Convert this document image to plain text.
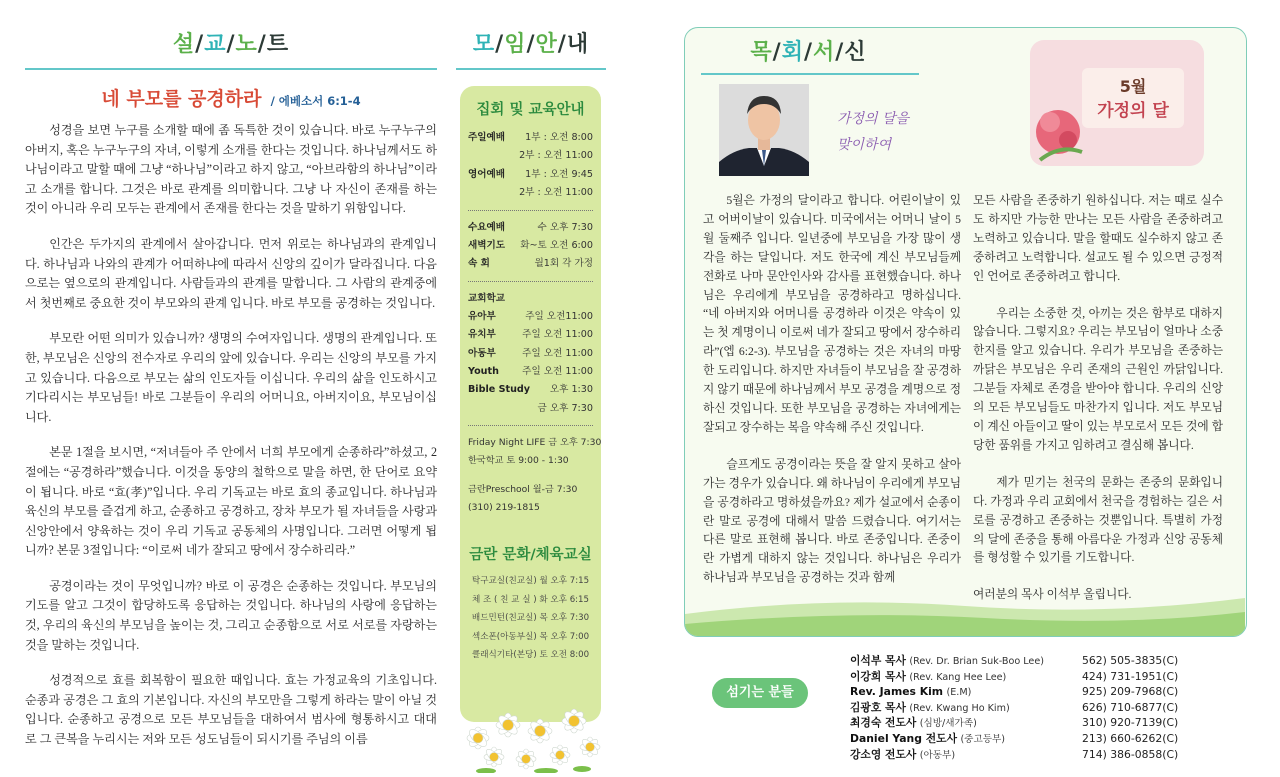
설/교/노/트
네 부모를 공경하라 / 에베소서 6:1-4

성경을 보면 누구를 소개할 때에 좀 독특한 것이 있습니다. 바로 누구누구의 아버지, 혹은 누구누구의 자녀, 이렇게 소개를 한다는 것입니다. 하나님께서도 하나님이라고 말할 때에 그냥 “하나님”이라고 하지 않고, “아브라함의 하나님”이라고 소개를 합니다. 그것은 바로 관계를 의미합니다. 그냥 나 자신이 존재를 하는 것이 아니라 우리 모두는 관계에서 존재를 한다는 것을 말하기 위함입니다.

인간은 두가지의 관계에서 살아갑니다. 먼저 위로는 하나님과의 관계입니다. 하나님과 나와의 관계가 어떠하냐에 따라서 신앙의 깊이가 달라집니다. 다음으로는 옆으로의 관계입니다. 사람들과의 관계를 말합니다. 그 사람의 관계중에서 첫번째로 중요한 것이 부모와의 관계 입니다. 바로 부모를 공경하는 것입니다.

부모란 어떤 의미가 있습니까? 생명의 수여자입니다. 생명의 관계입니다. 또한, 부모님은 신앙의 전수자로 우리의 앞에 있습니다. 우리는 신앙의 부모를 가지고 있습니다. 다음으로 부모는 삶의 인도자들 이십니다. 우리의 삶을 인도하시고 기다리시는 부모님들! 바로 그분들이 우리의 어머니요, 아버지이요, 부모님이십니다.

본문 1절을 보시면, “저녀들아 주 안에서 너희 부모에게 순종하라”하셨고, 2절에는 “공경하라”했습니다. 이것을 동양의 철학으로 말을 하면, 한 단어로 요약이 됩니다. 바로 “효(孝)”입니다. 우리 기독교는 바로 효의 종교입니다. 하나님과 육신의 부모를 즐겁게 하고, 순종하고 공경하고, 장차 부모가 될 자녀들을 사랑과 신앙안에서 양육하는 것이 우리 기독교 공동체의 사명입니다. 그러면 어떻게 됩니까? 본문 3절입니다: “이로써 네가 잘되고 땅에서 장수하리라.”

공경이라는 것이 무엇입니까? 바로 이 공경은 순종하는 것입니다. 부모님의 기도를 알고 그것이 합당하도록 응답하는 것입니다. 하나님의 사랑에 응답하는 것, 우리의 육신의 부모님을 높이는 것, 그리고 순종함으로 서로 서로를 자랑하는 것을 말하는 것입니다.

성경적으로 효를 회복함이 필요한 때입니다. 효는 가정교육의 기초입니다. 순종과 공경은 그 효의 기본입니다. 자신의 부모만을 그렇게 하라는 말이 아닐 것입니다. 순종하고 공경으로 모든 부모님들을 대하여서 범사에 형통하시고 대대로 그 큰복을 누리시는 저와 모든 성도님들이 되시기를 주님의 이름

모/임/안/내
집회 및 교육안내
주일예배	1부 : 오전 8:00
2부 : 오전 11:00
영어예배	1부 : 오전 9:45
2부 : 오전 11:00
수요예배	수 오후 7:30
새벽기도	화~토 오전 6:00
속 회	월1회 각 가정
교회학교
유아부	주일 오전11:00
유치부	주일 오전 11:00
아동부	주일 오전 11:00
Youth	주일 오전 11:00
Bible Study	오후 1:30
금 오후 7:30
Friday Night LIFE 금 오후 7:30
한국학교 토 9:00 - 1:30
금란Preschool 월-금 7:30
(310) 219-1815
금란 문화/체육교실
탁구교실(친교실) 월 오후 7:15
체 조 ( 친 교 실 ) 화 오후 6:15
배드민턴(친교실) 목 오후 7:30
섹소폰(아동부실) 목 오후 7:00
클래식기타(본당) 토 오전 8:00
목/회/서/신
가정의 달을
맞이하여
5월
가정의 달

5월은 가정의 달이라고 합니다. 어린이날이 있고 어버이날이 있습니다. 미국에서는 어머니 날이 5월 둘째주 입니다. 일년중에 부모님을 가장 많이 생각을 하는 달입니다. 저도 한국에 계신 부모님들께 전화로 나마 문안인사와 감사를 표현했습니다. 하나님은 우리에게 부모님을 공경하라고 명하십니다. “네 아버지와 어머니를 공경하라 이것은 약속이 있는 첫 계명이니 이로써 네가 잘되고 땅에서 장수하리라”(엡 6:2-3). 부모님을 공경하는 것은 자녀의 마땅한 도리입니다. 하지만 자녀들이 부모님을 잘 공경하지 않기 때문에 하나님께서 부모 공경을 계명으로 정하신 것입니다. 또한 부모님을 공경하는 자녀에게는 잘되고 장수하는 복을 약속해 주신 것입니다.

슬프게도 공경이라는 뜻을 잘 알지 못하고 살아가는 경우가 있습니다. 왜 하나님이 우리에게 부모님을 공경하라고 명하셨을까요? 제가 설교에서 순종이란 말로 공경에 대해서 말씀 드렸습니다. 여기서는 다른 말로 표현해 봅니다. 바로 존중입니다. 존중이란 가볍게 대하지 않는 것입니다. 하나님은 우리가 하나님과 부모님을 공경하는 것과 함께

모든 사람을 존중하기 원하십니다. 저는 때로 실수도 하지만 가능한 만나는 모든 사람을 존중하려고 노력하고 있습니다. 말을 할때도 실수하지 않고 존중하려고 노력합니다. 설교도 될 수 있으면 긍정적인 언어로 존중하려고 합니다.

우리는 소중한 것, 아끼는 것은 함부로 대하지 않습니다. 그렇지요? 우리는 부모님이 얼마나 소중한지를 알고 있습니다. 우리가 부모님을 존중하는 까닭은 부모님은 우리 존재의 근원인 까닭입니다. 그분들 자체로 존경을 받아야 합니다. 우리의 신앙의 모든 부모님들도 마찬가지 입니다. 저도 부모님이 계신 아들이고 딸이 있는 부모로서 모든 것에 합당한 품위를 가지고 임하려고 결심해 봅니다.

제가 믿기는 천국의 문화는 존중의 문화입니다. 가정과 우리 교회에서 천국을 경험하는 길은 서로를 공경하고 존중하는 것뿐입니다. 특별히 가정의 달에 존중을 통해 아름다운 가정과 신앙 공동체를 형성할 수 있기를 기도합니다.

여러분의 목사 이석부 올립니다.

섬기는 분들
이석부 목사 (Rev. Dr. Brian Suk-Boo Lee)	562) 505-3835(C)
이강희 목사 (Rev. Kang Hee Lee)	424) 731-1951(C)
Rev. James Kim (E.M)	925) 209-7968(C)
김광호 목사 (Rev. Kwang Ho Kim)	626) 710-6877(C)
최경숙 전도사 (심방/새가족)	310) 920-7139(C)
Daniel Yang 전도사 (중고등부)	213) 660-6262(C)
강소영 전도사 (아동부)	714) 386-0858(C)
